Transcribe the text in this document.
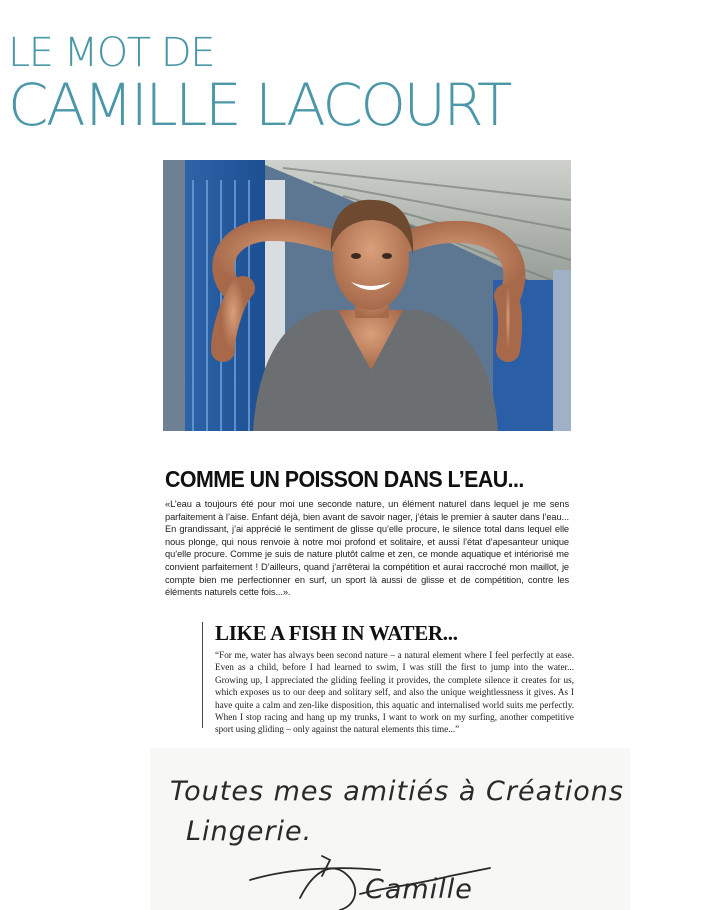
LE MOT DE
CAMILLE LACOURT
COMME UN POISSON DANS L’EAU...

«L’eau a toujours été pour moi une seconde nature, un élément naturel dans lequel je me sens parfaitement à l’aise. Enfant déjà, bien avant de savoir nager, j’étais le premier à sauter dans l’eau... En grandissant, j’ai apprécié le sentiment de glisse qu’elle procure, le silence total dans lequel elle nous plonge, qui nous renvoie à notre moi profond et solitaire, et aussi l’état d’apesanteur unique qu’elle procure. Comme je suis de nature plutôt calme et zen, ce monde aquatique et intériorisé me convient parfaitement ! D’ailleurs, quand j’arrêterai la compétition et aurai raccroché mon maillot, je compte bien me perfectionner en surf, un sport là aussi de glisse et de compétition, contre les éléments naturels cette fois...».

LIKE A FISH IN WATER...

“For me, water has always been second nature – a natural element where I feel perfectly at ease. Even as a child, before I had learned to swim, I was still the first to jump into the water... Growing up, I appreciated the gliding feeling it provides, the complete silence it creates for us, which exposes us to our deep and solitary self, and also the unique weightlessness it gives. As I have quite a calm and zen-like disposition, this aquatic and internalised world suits me perfectly. When I stop racing and hang up my trunks, I want to work on my surfing, another competitive sport using gliding – only against the natural elements this time...”

Toutes mes amitiés à Créations
Lingerie.
Camille
